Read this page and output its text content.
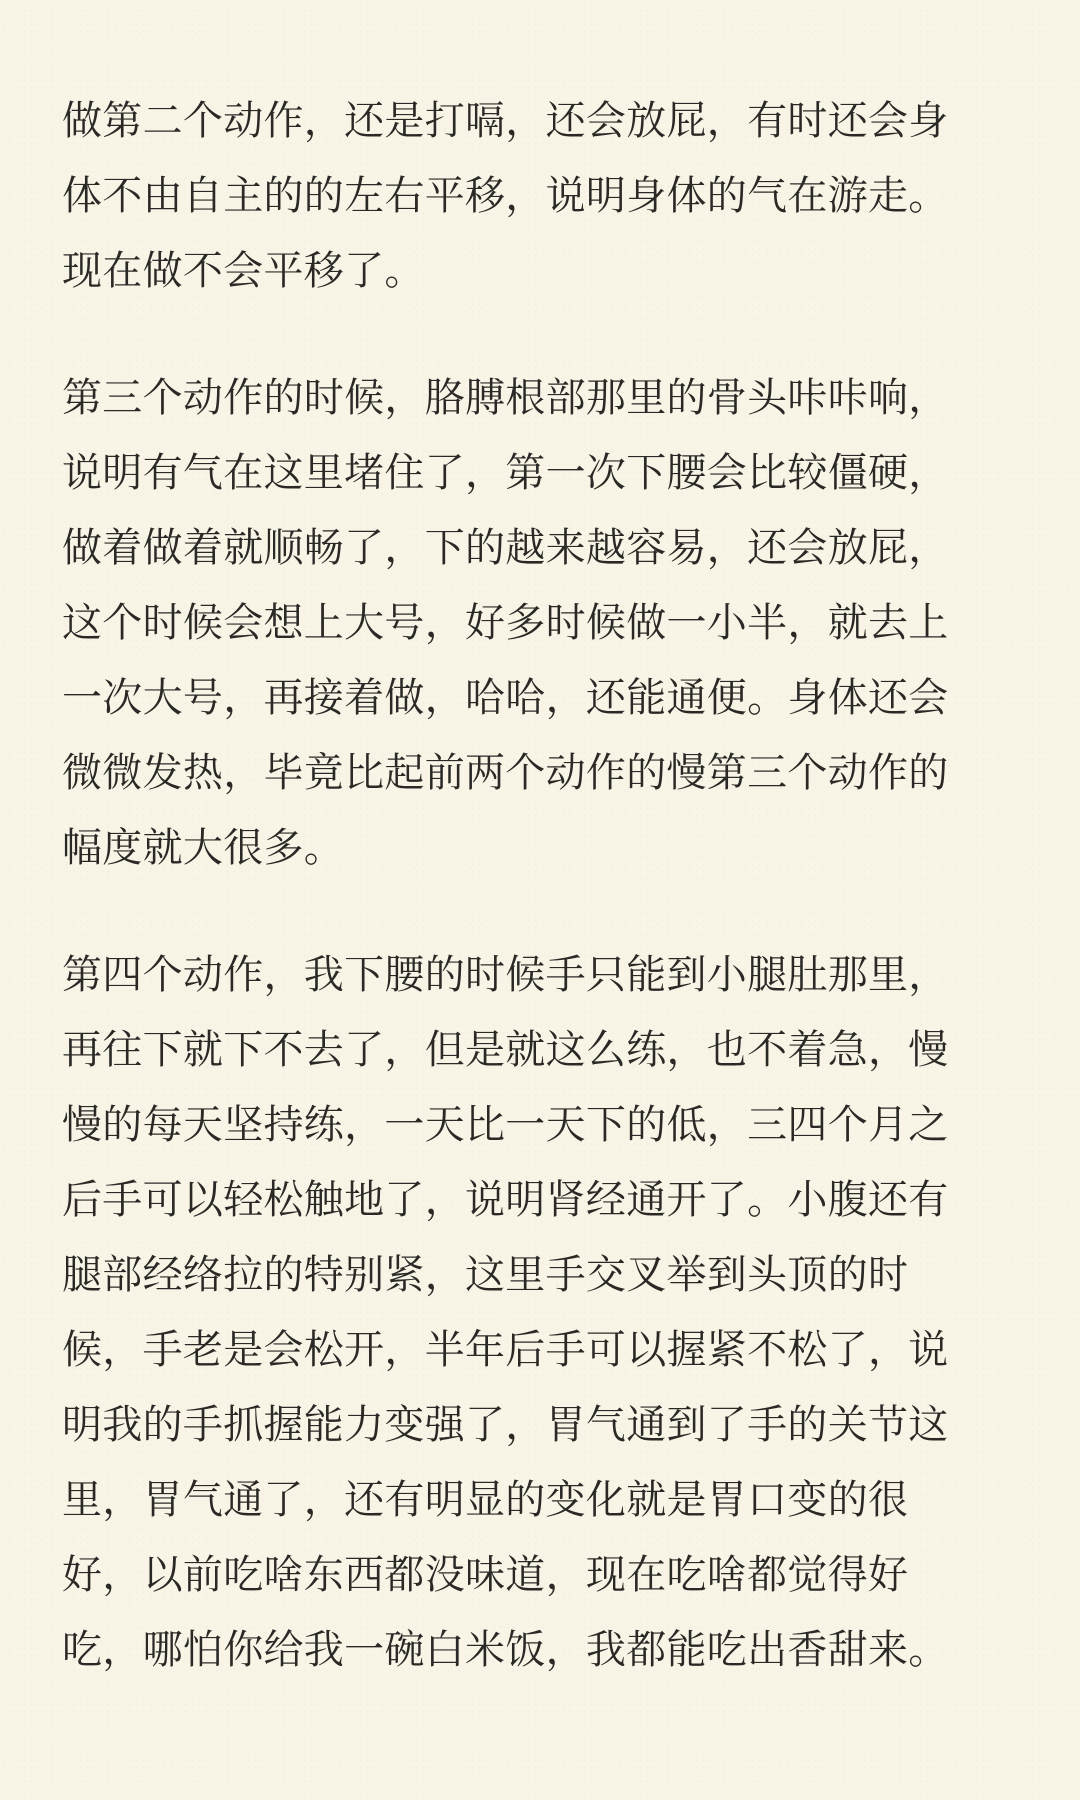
做第二个动作，还是打嗝，还会放屁，有时还会身
体不由自主的的左右平移，说明身体的气在游走。
现在做不会平移了。

第三个动作的时候，胳膊根部那里的骨头咔咔响，
说明有气在这里堵住了，第一次下腰会比较僵硬，
做着做着就顺畅了，下的越来越容易，还会放屁，
这个时候会想上大号，好多时候做一小半，就去上
一次大号，再接着做，哈哈，还能通便。身体还会
微微发热，毕竟比起前两个动作的慢第三个动作的
幅度就大很多。

第四个动作，我下腰的时候手只能到小腿肚那里，
再往下就下不去了，但是就这么练，也不着急，慢
慢的每天坚持练，一天比一天下的低，三四个月之
后手可以轻松触地了，说明肾经通开了。小腹还有
腿部经络拉的特别紧，这里手交叉举到头顶的时
候，手老是会松开，半年后手可以握紧不松了，说
明我的手抓握能力变强了，胃气通到了手的关节这
里，胃气通了，还有明显的变化就是胃口变的很
好，以前吃啥东西都没味道，现在吃啥都觉得好
吃，哪怕你给我一碗白米饭，我都能吃出香甜来。
